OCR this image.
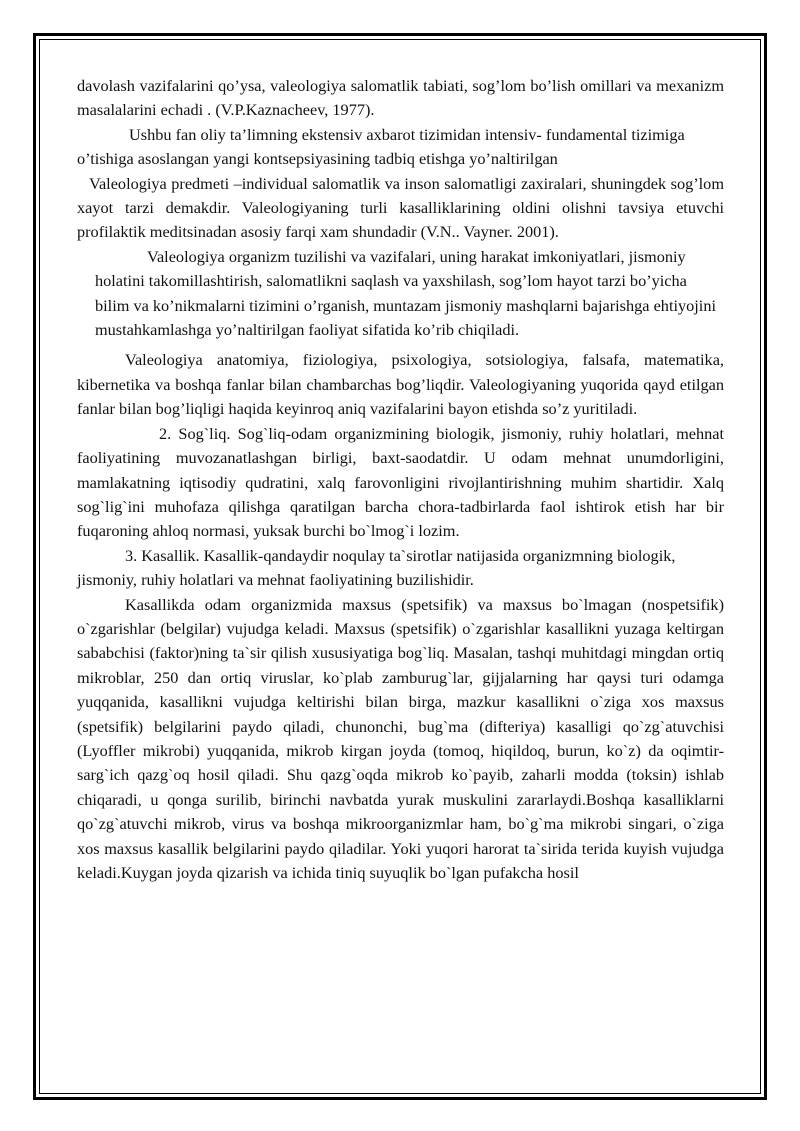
davolash vazifalarini qo’ysa, valeologiya salomatlik tabiati, sog’lom bo’lish omillari va mexanizm masalalarini echadi . (V.P.Kaznacheev, 1977).

Ushbu fan oliy ta’limning ekstensiv axbarot tizimidan intensiv- fundamental tizimiga o’tishiga asoslangan yangi kontsepsiyasining tadbiq etishga yo’naltirilgan

Valeologiya predmeti –individual salomatlik va inson salomatligi zaxiralari, shuningdek sog’lom xayot tarzi demakdir. Valeologiyaning turli kasalliklarining oldini olishni tavsiya etuvchi profilaktik meditsinadan asosiy farqi xam shundadir (V.N.. Vayner. 2001).

Valeologiya organizm tuzilishi va vazifalari, uning harakat imkoniyatlari, jismoniy holatini takomillashtirish, salomatlikni saqlash va yaxshilash, sog’lom hayot tarzi bo’yicha bilim va ko’nikmalarni tizimini o’rganish, muntazam jismoniy mashqlarni bajarishga ehtiyojini mustahkamlashga yo’naltirilgan faoliyat sifatida ko’rib chiqiladi.

Valeologiya anatomiya, fiziologiya, psixologiya, sotsiologiya, falsafa, matematika, kibernetika va boshqa fanlar bilan chambarchas bog’liqdir. Valeologiyaning yuqorida qayd etilgan fanlar bilan bog’liqligi haqida keyinroq aniq vazifalarini bayon etishda so’z yuritiladi.

2. Sog`liq. Sog`liq-odam organizmining biologik, jismoniy, ruhiy holatlari, mehnat faoliyatining muvozanatlashgan birligi, baxt-saodatdir. U odam mehnat unumdorligini, mamlakatning iqtisodiy qudratini, xalq farovonligini rivojlantirishning muhim shartidir. Xalq sog`lig`ini muhofaza qilishga qaratilgan barcha chora-tadbirlarda faol ishtirok etish har bir fuqaroning ahloq normasi, yuksak burchi bo`lmog`i lozim.

3. Kasallik. Kasallik-qandaydir noqulay ta`sirotlar natijasida organizmning biologik, jismoniy, ruhiy holatlari va mehnat faoliyatining buzilishidir.

Kasallikda odam organizmida maxsus (spetsifik) va maxsus bo`lmagan (nospetsifik) o`zgarishlar (belgilar) vujudga keladi. Maxsus (spetsifik) o`zgarishlar kasallikni yuzaga keltirgan sababchisi (faktor)ning ta`sir qilish xususiyatiga bog`liq. Masalan, tashqi muhitdagi mingdan ortiq mikroblar, 250 dan ortiq viruslar, ko`plab zamburug`lar, gijjalarning har qaysi turi odamga yuqqanida, kasallikni vujudga keltirishi bilan birga, mazkur kasallikni o`ziga xos maxsus (spetsifik) belgilarini paydo qiladi, chunonchi, bug`ma (difteriya) kasalligi qo`zg`atuvchisi (Lyoffler mikrobi) yuqqanida, mikrob kirgan joyda (tomoq, hiqildoq, burun, ko`z) da oqimtir-sarg`ich qazg`oq hosil qiladi. Shu qazg`oqda mikrob ko`payib, zaharli modda (toksin) ishlab chiqaradi, u qonga surilib, birinchi navbatda yurak muskulini zararlaydi.Boshqa kasalliklarni qo`zg`atuvchi mikrob, virus va boshqa mikroorganizmlar ham, bo`g`ma mikrobi singari, o`ziga xos maxsus kasallik belgilarini paydo qiladilar. Yoki yuqori harorat ta`sirida terida kuyish vujudga keladi.Kuygan joyda qizarish va ichida tiniq suyuqlik bo`lgan pufakcha hosil
